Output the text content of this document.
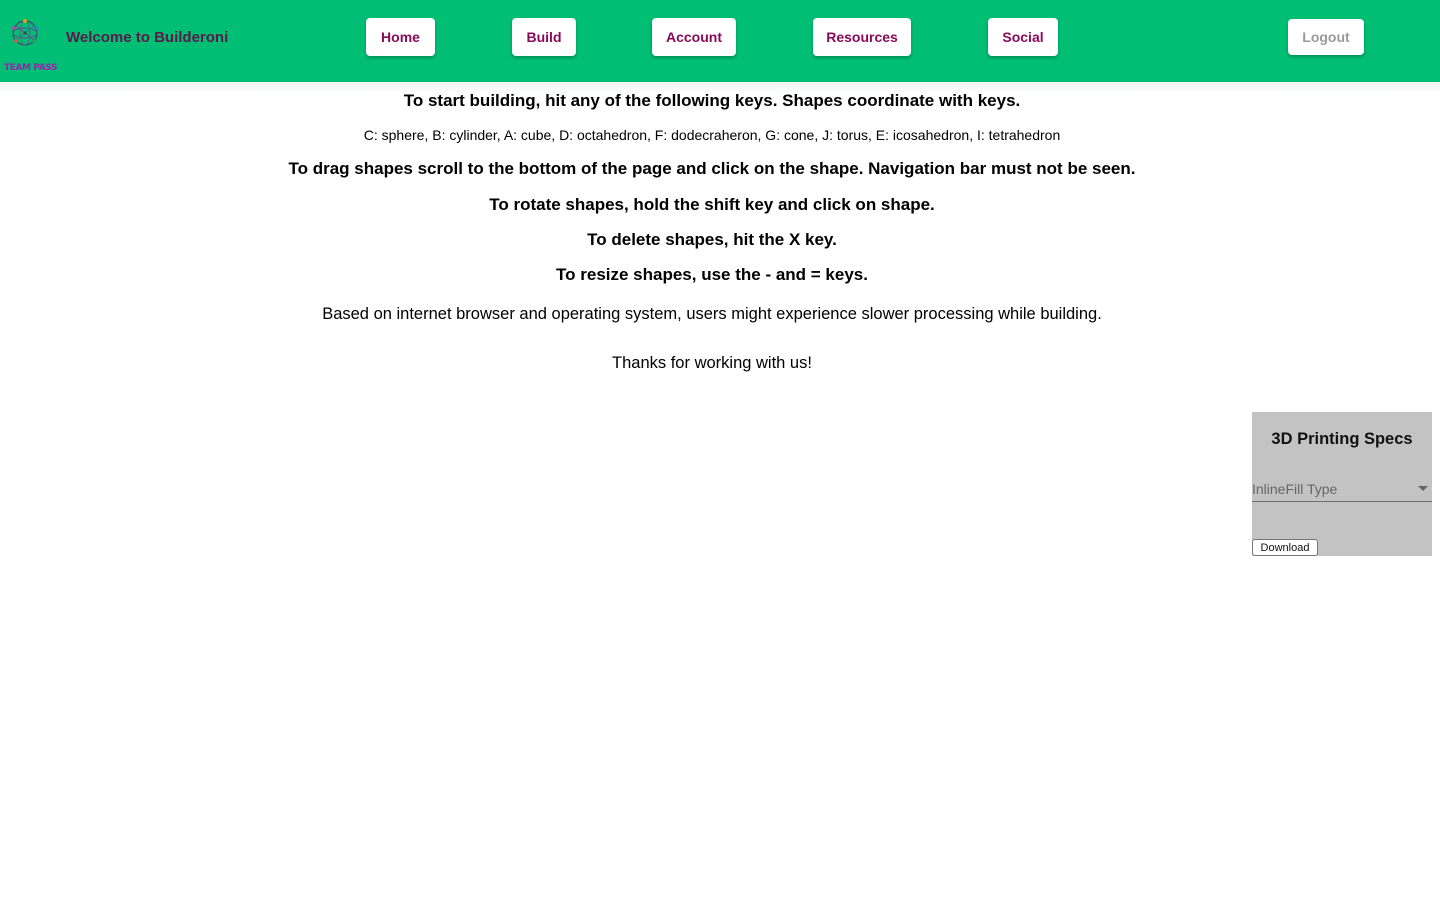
TEAM PASS
Welcome to Builderoni	Home	Build	Account	Resources	Social	Logout
To start building, hit any of the following keys. Shapes coordinate with keys.
C: sphere, B: cylinder, A: cube, D: octahedron, F: dodecraheron, G: cone, J: torus, E: icosahedron, I: tetrahedron
To drag shapes scroll to the bottom of the page and click on the shape. Navigation bar must not be seen.
To rotate shapes, hold the shift key and click on shape.
To delete shapes, hit the X key.
To resize shapes, use the - and = keys.
Based on internet browser and operating system, users might experience slower processing while building.
Thanks for working with us!
3D Printing Specs
InlineFill Type
Download
